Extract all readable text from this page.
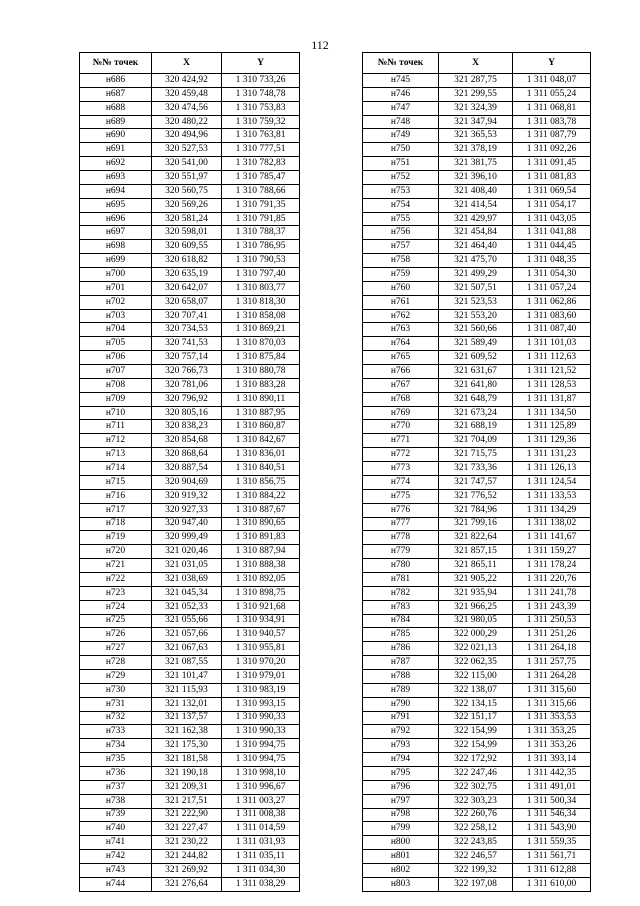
112
№№ точек	X	Y
н686	320 424,92	1 310 733,26
н687	320 459,48	1 310 748,78
н688	320 474,56	1 310 753,83
н689	320 480,22	1 310 759,32
н690	320 494,96	1 310 763,81
н691	320 527,53	1 310 777,51
н692	320 541,00	1 310 782,83
н693	320 551,97	1 310 785,47
н694	320 560,75	1 310 788,66
н695	320 569,26	1 310 791,35
н696	320 581,24	1 310 791,85
н697	320 598,01	1 310 788,37
н698	320 609,55	1 310 786,95
н699	320 618,82	1 310 790,53
н700	320 635,19	1 310 797,40
н701	320 642,07	1 310 803,77
н702	320 658,07	1 310 818,30
н703	320 707,41	1 310 858,08
н704	320 734,53	1 310 869,21
н705	320 741,53	1 310 870,03
н706	320 757,14	1 310 875,84
н707	320 766,73	1 310 880,78
н708	320 781,06	1 310 883,28
н709	320 796,92	1 310 890,11
н710	320 805,16	1 310 887,95
н711	320 838,23	1 310 860,87
н712	320 854,68	1 310 842,67
н713	320 868,64	1 310 836,01
н714	320 887,54	1 310 840,51
н715	320 904,69	1 310 856,75
н716	320 919,32	1 310 884,22
н717	320 927,33	1 310 887,67
н718	320 947,40	1 310 890,65
н719	320 999,49	1 310 891,83
н720	321 020,46	1 310 887,94
н721	321 031,05	1 310 888,38
н722	321 038,69	1 310 892,05
н723	321 045,34	1 310 898,75
н724	321 052,33	1 310 921,68
н725	321 055,66	1 310 934,91
н726	321 057,66	1 310 940,57
н727	321 067,63	1 310 955,81
н728	321 087,55	1 310 970,20
н729	321 101,47	1 310 979,01
н730	321 115,93	1 310 983,19
н731	321 132,01	1 310 993,15
н732	321 137,57	1 310 990,33
н733	321 162,38	1 310 990,33
н734	321 175,30	1 310 994,75
н735	321 181,58	1 310 994,75
н736	321 190,18	1 310 998,10
н737	321 209,31	1 310 996,67
н738	321 217,51	1 311 003,27
н739	321 222,90	1 311 008,38
н740	321 227,47	1 311 014,59
н741	321 230,22	1 311 031,93
н742	321 244,82	1 311 035,11
н743	321 269,92	1 311 034,30
н744	321 276,64	1 311 038,29
№№ точек	X	Y
н745	321 287,75	1 311 048,07
н746	321 299,55	1 311 055,24
н747	321 324,39	1 311 068,81
н748	321 347,94	1 311 083,78
н749	321 365,53	1 311 087,79
н750	321 378,19	1 311 092,26
н751	321 381,75	1 311 091,45
н752	321 396,10	1 311 081,83
н753	321 408,40	1 311 069,54
н754	321 414,54	1 311 054,17
н755	321 429,97	1 311 043,05
н756	321 454,84	1 311 041,88
н757	321 464,40	1 311 044,45
н758	321 475,70	1 311 048,35
н759	321 499,29	1 311 054,30
н760	321 507,51	1 311 057,24
н761	321 523,53	1 311 062,86
н762	321 553,20	1 311 083,60
н763	321 560,66	1 311 087,40
н764	321 589,49	1 311 101,03
н765	321 609,52	1 311 112,63
н766	321 631,67	1 311 121,52
н767	321 641,80	1 311 128,53
н768	321 648,79	1 311 131,87
н769	321 673,24	1 311 134,50
н770	321 688,19	1 311 125,89
н771	321 704,09	1 311 129,36
н772	321 715,75	1 311 131,23
н773	321 733,36	1 311 126,13
н774	321 747,57	1 311 124,54
н775	321 776,52	1 311 133,53
н776	321 784,96	1 311 134,29
н777	321 799,16	1 311 138,02
н778	321 822,64	1 311 141,67
н779	321 857,15	1 311 159,27
н780	321 865,11	1 311 178,24
н781	321 905,22	1 311 220,76
н782	321 935,94	1 311 241,78
н783	321 966,25	1 311 243,39
н784	321 980,05	1 311 250,53
н785	322 000,29	1 311 251,26
н786	322 021,13	1 311 264,18
н787	322 062,35	1 311 257,75
н788	322 115,00	1 311 264,28
н789	322 138,07	1 311 315,60
н790	322 134,15	1 311 315,66
н791	322 151,17	1 311 353,53
н792	322 154,99	1 311 353,25
н793	322 154,99	1 311 353,26
н794	322 172,92	1 311 393,14
н795	322 247,46	1 311 442,35
н796	322 302,75	1 311 491,01
н797	322 303,23	1 311 500,34
н798	322 260,76	1 311 546,34
н799	322 258,12	1 311 543,90
н800	322 243,85	1 311 559,35
н801	322 246,57	1 311 561,71
н802	322 199,32	1 311 612,88
н803	322 197,08	1 311 610,00
